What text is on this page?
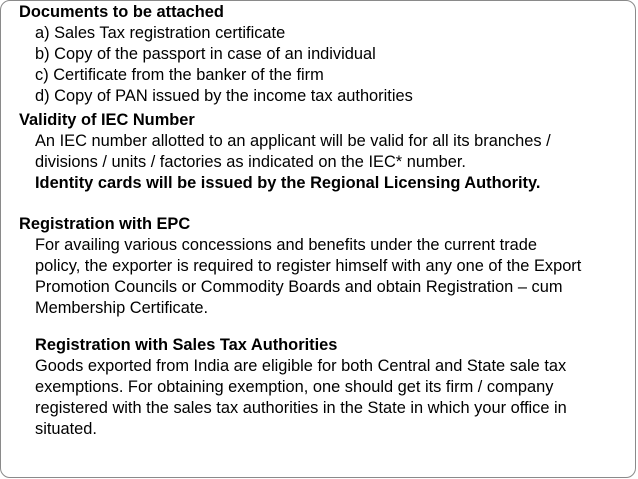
Documents to be attached
a) Sales Tax registration certificate
b) Copy of the passport in case of an individual
c) Certificate from the banker of the firm
d) Copy of PAN issued by the income tax authorities
Validity of IEC Number
An IEC number allotted to an applicant will be valid for all its branches /
divisions / units / factories as indicated on the IEC* number.
Identity cards will be issued by the Regional Licensing Authority.
Registration with EPC
For availing various concessions and benefits under the current trade
policy, the exporter is required to register himself with any one of the Export
Promotion Councils or Commodity Boards and obtain Registration – cum
Membership Certificate.
Registration with Sales Tax Authorities
Goods exported from India are eligible for both Central and State sale tax
exemptions. For obtaining exemption, one should get its firm / company
registered with the sales tax authorities in the State in which your office in
situated.
